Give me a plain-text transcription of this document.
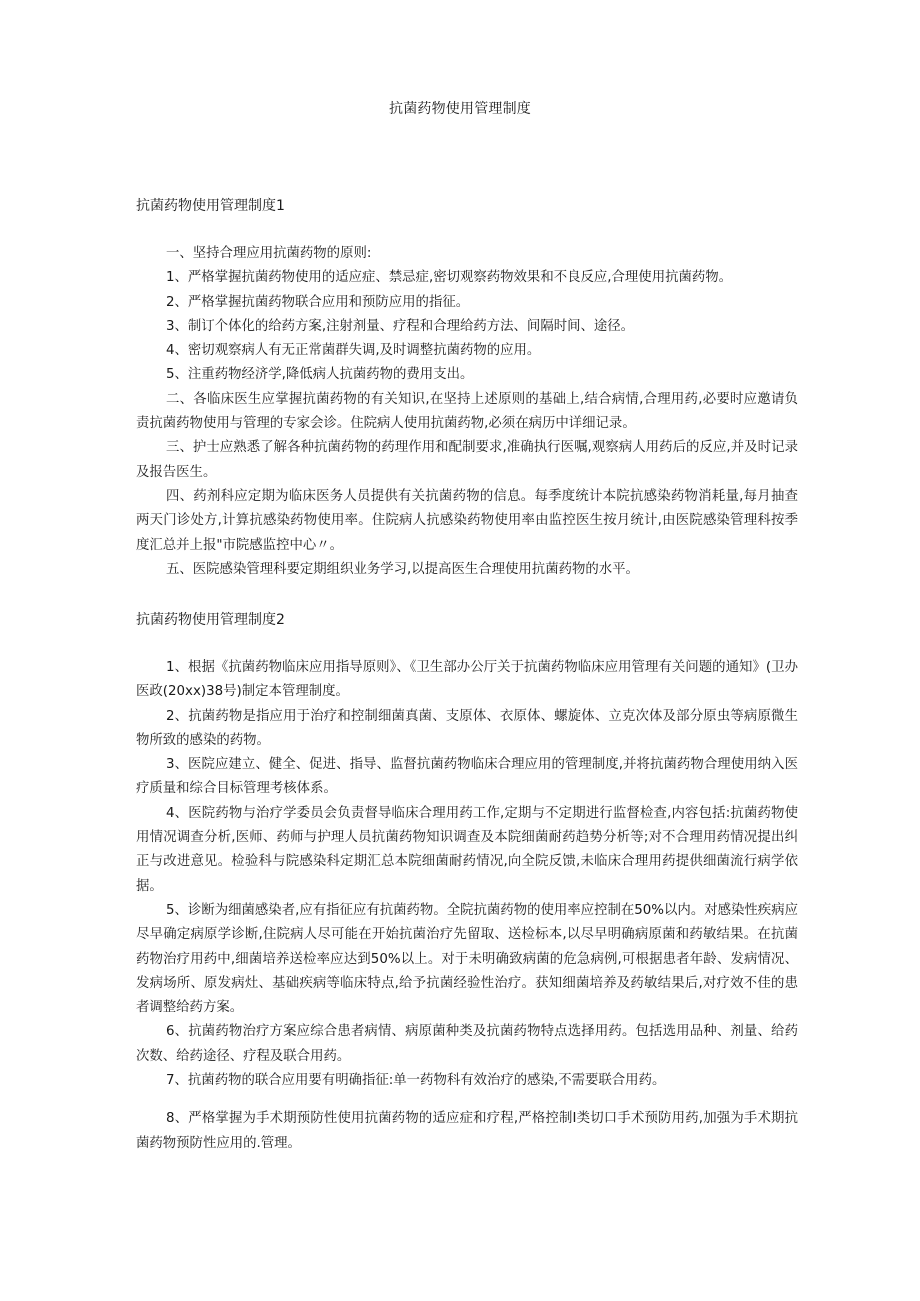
抗菌药物使用管理制度
抗菌药物使用管理制度1

一、坚持合理应用抗菌药物的原则:

1、严格掌握抗菌药物使用的适应症、禁忌症,密切观察药物效果和不良反应,合理使用抗菌药物。

2、严格掌握抗菌药物联合应用和预防应用的指征。

3、制订个体化的给药方案,注射剂量、疗程和合理给药方法、间隔时间、途径。

4、密切观察病人有无正常菌群失调,及时调整抗菌药物的应用。

5、注重药物经济学,降低病人抗菌药物的费用支出。

二、各临床医生应掌握抗菌药物的有关知识,在坚持上述原则的基础上,结合病情,合理用药,必要时应邀请负责抗菌药物使用与管理的专家会诊。住院病人使用抗菌药物,必须在病历中详细记录。

三、护士应熟悉了解各种抗菌药物的药理作用和配制要求,准确执行医嘱,观察病人用药后的反应,并及时记录及报告医生。

四、药剂科应定期为临床医务人员提供有关抗菌药物的信息。每季度统计本院抗感染药物消耗量,每月抽查两天门诊处方,计算抗感染药物使用率。住院病人抗感染药物使用率由监控医生按月统计,由医院感染管理科按季度汇总并上报"市院感监控中心〃。

五、医院感染管理科要定期组织业务学习,以提高医生合理使用抗菌药物的水平。

抗菌药物使用管理制度2

1、根据《抗菌药物临床应用指导原则》、《卫生部办公厅关于抗菌药物临床应用管理有关问题的通知》(卫办医政(20xx)38号)制定本管理制度。

2、抗菌药物是指应用于治疗和控制细菌真菌、支原体、衣原体、螺旋体、立克次体及部分原虫等病原微生物所致的感染的药物。

3、医院应建立、健全、促进、指导、监督抗菌药物临床合理应用的管理制度,并将抗菌药物合理使用纳入医疗质量和综合目标管理考核体系。

4、医院药物与治疗学委员会负责督导临床合理用药工作,定期与不定期进行监督检查,内容包括:抗菌药物使用情况调查分析,医师、药师与护理人员抗菌药物知识调查及本院细菌耐药趋势分析等;对不合理用药情况提出纠正与改进意见。检验科与院感染科定期汇总本院细菌耐药情况,向全院反馈,未临床合理用药提供细菌流行病学依据。

5、诊断为细菌感染者,应有指征应有抗菌药物。全院抗菌药物的使用率应控制在50%以内。对感染性疾病应尽早确定病原学诊断,住院病人尽可能在开始抗菌治疗先留取、送检标本,以尽早明确病原菌和药敏结果。在抗菌药物治疗用药中,细菌培养送检率应达到50%以上。对于未明确致病菌的危急病例,可根据患者年龄、发病情况、发病场所、原发病灶、基础疾病等临床特点,给予抗菌经验性治疗。获知细菌培养及药敏结果后,对疗效不佳的患者调整给药方案。

6、抗菌药物治疗方案应综合患者病情、病原菌种类及抗菌药物特点选择用药。包括选用品种、剂量、给药次数、给药途径、疗程及联合用药。

7、抗菌药物的联合应用要有明确指征:单一药物科有效治疗的感染,不需要联合用药。

8、严格掌握为手术期预防性使用抗菌药物的适应症和疗程,严格控制I类切口手术预防用药,加强为手术期抗菌药物预防性应用的.管理。
